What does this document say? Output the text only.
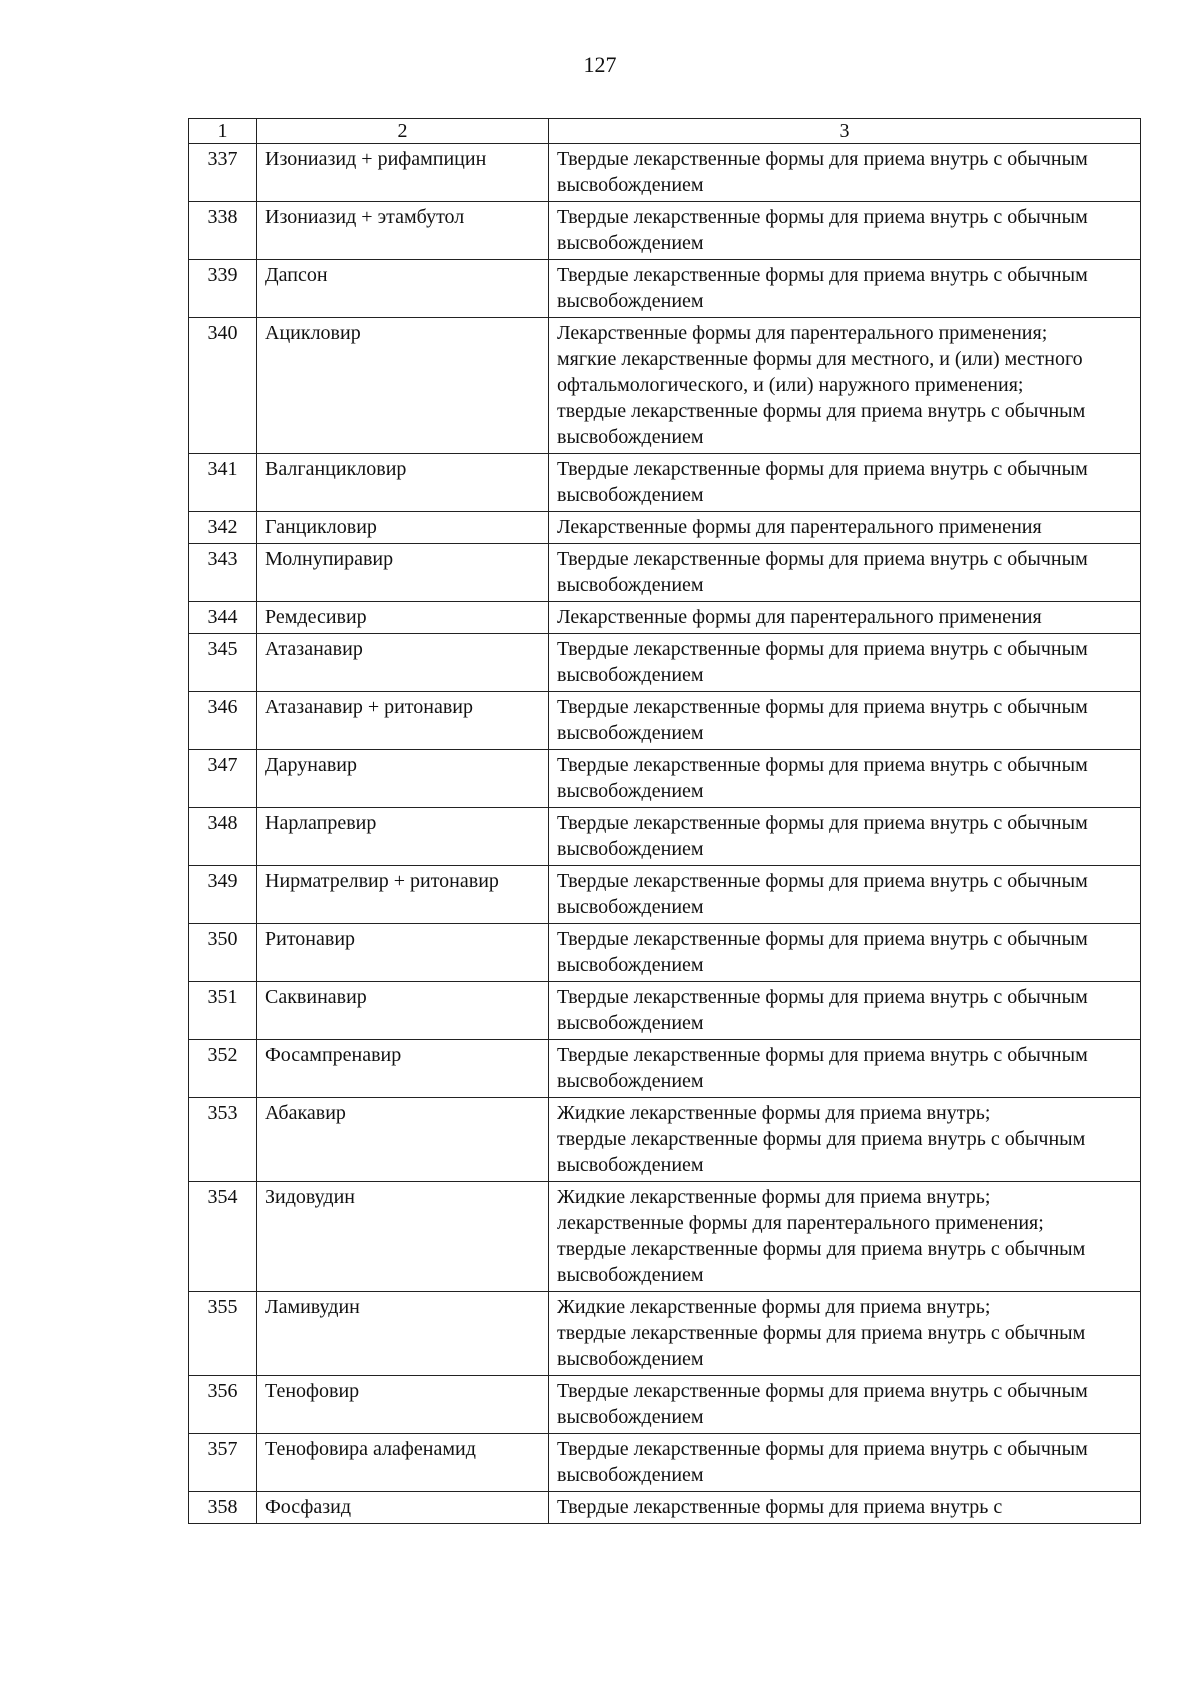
127
1	2	3
337	Изониазид + рифампицин	Твердые лекарственные формы для приема внутрь с обычным высвобождением

338	Изониазид + этамбутол	Твердые лекарственные формы для приема внутрь с обычным высвобождением

339	Дапсон	Твердые лекарственные формы для приема внутрь с обычным высвобождением

340	Ацикловир	Лекарственные формы для парентерального применения;
мягкие лекарственные формы для местного, и (или) местного офтальмологического, и (или) наружного применения;
твердые лекарственные формы для приема внутрь с обычным высвобождением

341	Валганцикловир	Твердые лекарственные формы для приема внутрь с обычным высвобождением

342	Ганцикловир	Лекарственные формы для парентерального применения

343	Молнупиравир	Твердые лекарственные формы для приема внутрь с обычным высвобождением

344	Ремдесивир	Лекарственные формы для парентерального применения

345	Атазанавир	Твердые лекарственные формы для приема внутрь с обычным высвобождением

346	Атазанавир + ритонавир	Твердые лекарственные формы для приема внутрь с обычным высвобождением

347	Дарунавир	Твердые лекарственные формы для приема внутрь с обычным высвобождением

348	Нарлапревир	Твердые лекарственные формы для приема внутрь с обычным высвобождением

349	Нирматрелвир + ритонавир	Твердые лекарственные формы для приема внутрь с обычным высвобождением

350	Ритонавир	Твердые лекарственные формы для приема внутрь с обычным высвобождением

351	Саквинавир	Твердые лекарственные формы для приема внутрь с обычным высвобождением

352	Фосампренавир	Твердые лекарственные формы для приема внутрь с обычным высвобождением

353	Абакавир	Жидкие лекарственные формы для приема внутрь;
твердые лекарственные формы для приема внутрь с обычным высвобождением

354	Зидовудин	Жидкие лекарственные формы для приема внутрь;
лекарственные формы для парентерального применения;
твердые лекарственные формы для приема внутрь с обычным высвобождением

355	Ламивудин	Жидкие лекарственные формы для приема внутрь;
твердые лекарственные формы для приема внутрь с обычным высвобождением

356	Тенофовир	Твердые лекарственные формы для приема внутрь с обычным высвобождением

357	Тенофовира алафенамид	Твердые лекарственные формы для приема внутрь с обычным высвобождением

358	Фосфазид	Твердые лекарственные формы для приема внутрь с
